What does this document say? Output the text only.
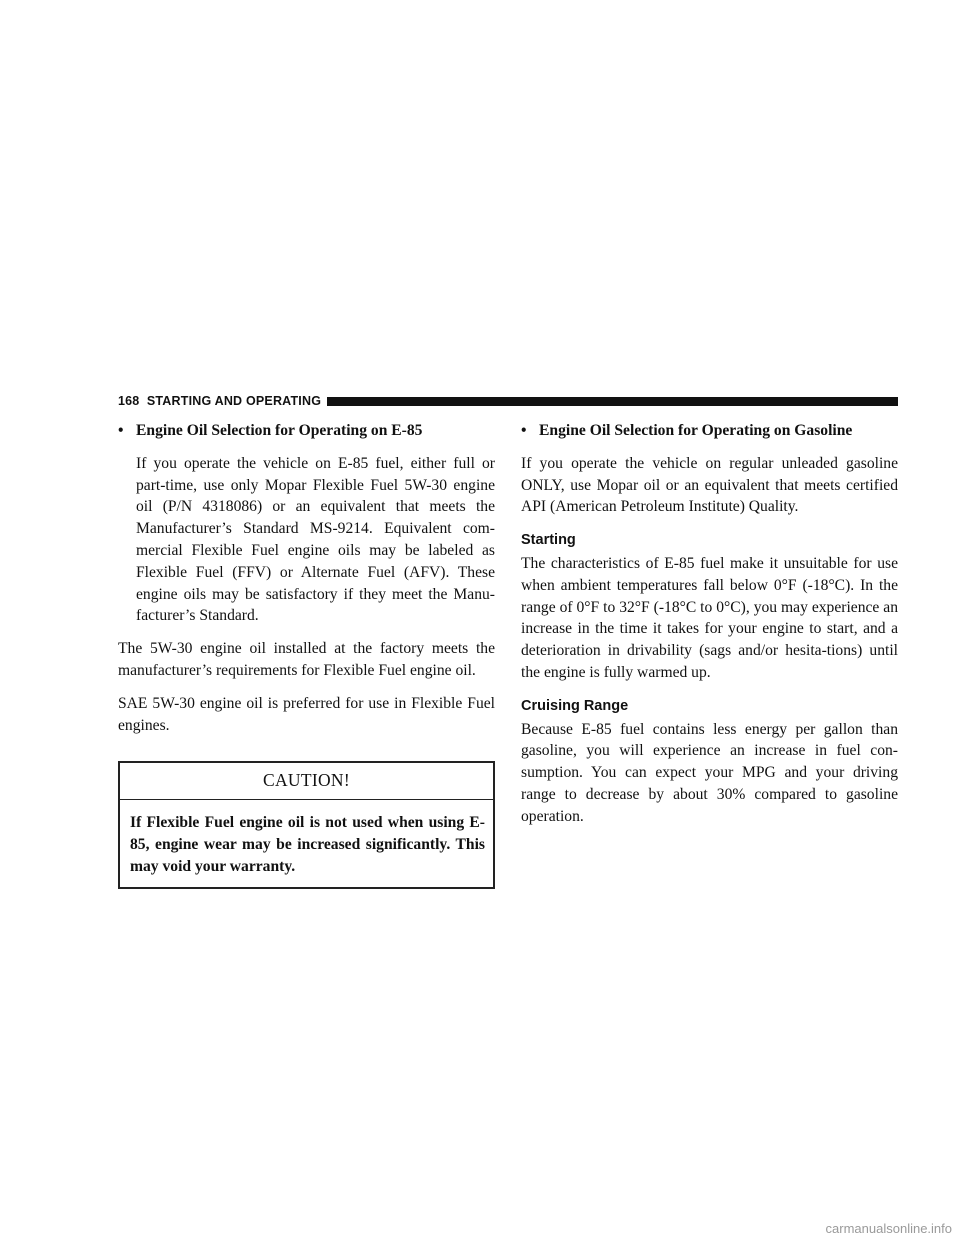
168 STARTING AND OPERATING
• Engine Oil Selection for Operating on E-85

If you operate the vehicle on E-85 fuel, either full or part-time, use only Mopar Flexible Fuel 5W-30 engine oil (P/N 4318086) or an equivalent that meets the Manufacturer’s Standard MS-9214. Equivalent com-mercial Flexible Fuel engine oils may be labeled as Flexible Fuel (FFV) or Alternate Fuel (AFV). These engine oils may be satisfactory if they meet the Manu-facturer’s Standard.

The 5W-30 engine oil installed at the factory meets the manufacturer’s requirements for Flexible Fuel engine oil.

SAE 5W-30 engine oil is preferred for use in Flexible Fuel engines.

CAUTION!
If Flexible Fuel engine oil is not used when using E-85, engine wear may be increased significantly. This may void your warranty.
• Engine Oil Selection for Operating on Gasoline

If you operate the vehicle on regular unleaded gasoline ONLY, use Mopar oil or an equivalent that meets certified API (American Petroleum Institute) Quality.

Starting

The characteristics of E-85 fuel make it unsuitable for use when ambient temperatures fall below 0°F (-18°C). In the range of 0°F to 32°F (-18°C to 0°C), you may experience an increase in the time it takes for your engine to start, and a deterioration in drivability (sags and/or hesita-tions) until the engine is fully warmed up.

Cruising Range

Because E-85 fuel contains less energy per gallon than gasoline, you will experience an increase in fuel con-sumption. You can expect your MPG and your driving range to decrease by about 30% compared to gasoline operation.

carmanualsonline.info
